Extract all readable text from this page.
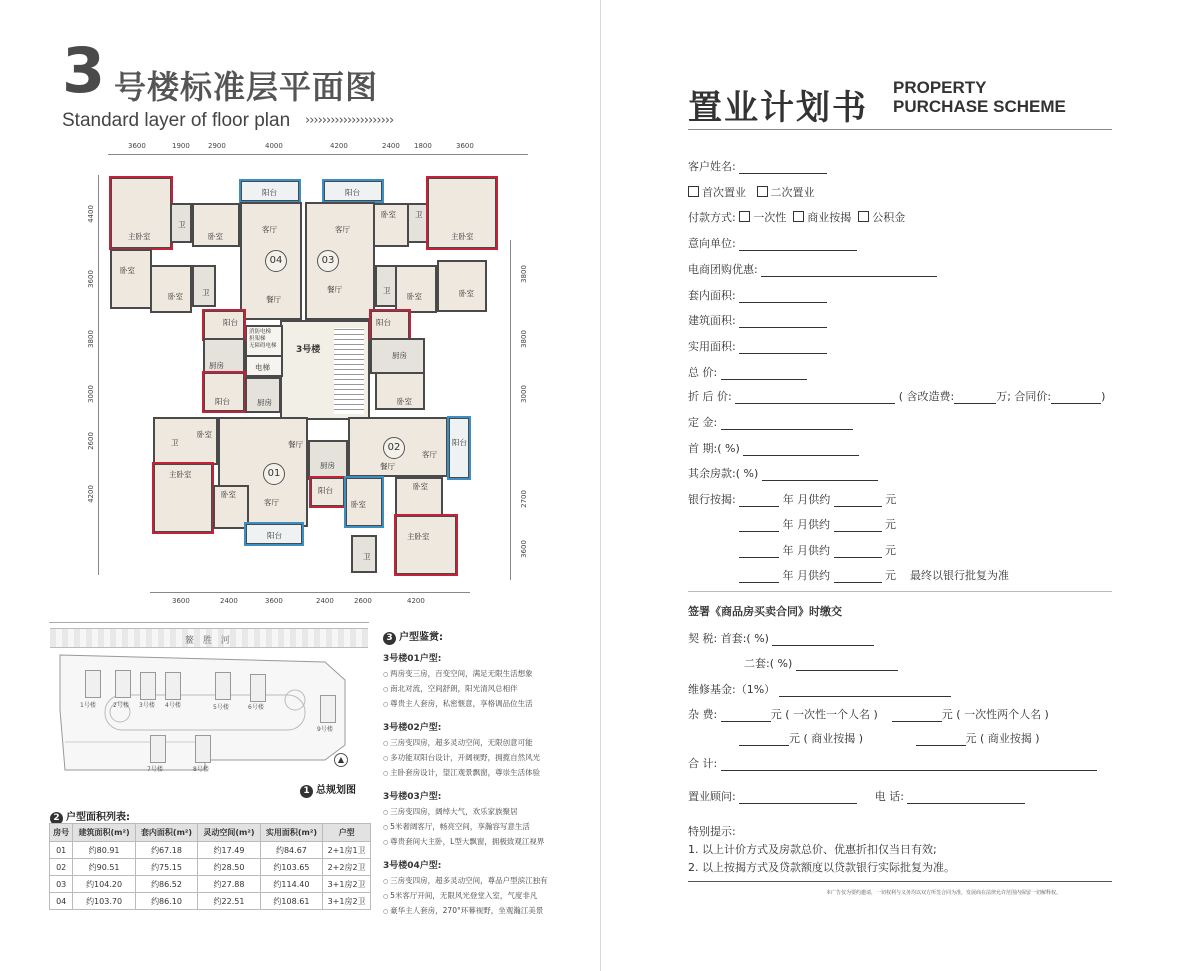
3 号楼标准层平面图
Standard layer of floor plan ›››››››››››››››››››››
3600	1900	2900	4000	4200	2400 1800	3600
3600	2400	3600	2400	2600	4200
4400
3600
3800
3000
2600
4200
3800
3800
3000
2700
3600
阳台	阳台
主卧室
卫
卧室
客厅
餐厅
卧室
卧室	卫
04
客厅
餐厅
卧室	卫
主卧室
卧室	卧室
卫
03
3号楼
消防电梯
担架梯
无障碍电梯
电梯
阳台
厨房
阳台
厨房
阳台	厨房	卧室
卧室
卫
主卧室
餐厅
客厅
卧室
阳台
01
厨房	餐厅
客厅
阳台
阳台
卧室
卧室
主卧室
卫
02
鳌 胜 河
1号楼	2号楼 3号楼 4号楼	5号楼	6号楼
7号楼	8号楼
9号楼
▲
1 总规划图
2 户型面积列表:
房号	建筑面积(m²)	套内面积(m²)	灵动空间(m²)	实用面积(m²)	户型
01	约80.91	约67.18	约17.49	约84.67	2+1房1卫
02	约90.51	约75.15	约28.50	约103.65	2+2房2卫
03	约104.20	约86.52	约27.88	约114.40	3+1房2卫
04	约103.70	约86.10	约22.51	约108.61	3+1房2卫
3 户型鉴赏:
3号楼01户型:
○ 两房变三房，百变空间，满足无限生活想象
○ 南北对流，空间舒朗，阳光清风总相伴
○ 尊贵主人套房，私密惬意，享格调品位生活
3号楼02户型:
○ 三房变四房，超多灵动空间，无限创意可能
○ 多功能双阳台设计，开阔视野，拥揽自然风光
○ 主卧套房设计，望江观景飘窗，尊崇生活体验
3号楼03户型:
○ 三房变四房，阔绰大气，欢乐家族聚居
○ 5米奢阔客厅，畅亮空间，享瀚容写意生活
○ 尊贵套间大主卧，L型大飘窗，拥极致观江视界
3号楼04户型:
○ 三房变四房，超多灵动空间，尊品户型滨江独有
○ 5米客厅开间，无限风光登堂入室，气度非凡
○ 豪华主人套房，270°环幕视野，坐观瀚江美景
置业计划书
PROPERTY
PURCHASE SCHEME
客户姓名:
首次置业 二次置业
付款方式: 一次性 商业按揭 公积金
意向单位:
电商团购优惠:
套内面积:
建筑面积:
实用面积:
总 价:
折 后 价:	( 含改造费:	万; 合同价:	)
定 金:
首 期:( %)
其余房款:( %)
银行按揭:	年 月供约	元
年 月供约	元
年 月供约	元
年 月供约	元 最终以银行批复为准
签署《商品房买卖合同》时缴交
契 税: 首套:( %)
二套:( %)
维修基金:（1%）
杂 费:	元 ( 一次性一个人名 )	元 ( 一次性两个人名 )
元 ( 商业按揭 )	元 ( 商业按揭 )
合 计:
置业顾问:	电 话:
特别提示:
1. 以上计价方式及房款总价、优惠折扣仅当日有效;
2. 以上按揭方式及贷款额度以贷款银行实际批复为准。
本广告仅为要约邀请，一切权利与义务均以双方所签合同为准，发展商在法律允许范围内保留一切解释权。
